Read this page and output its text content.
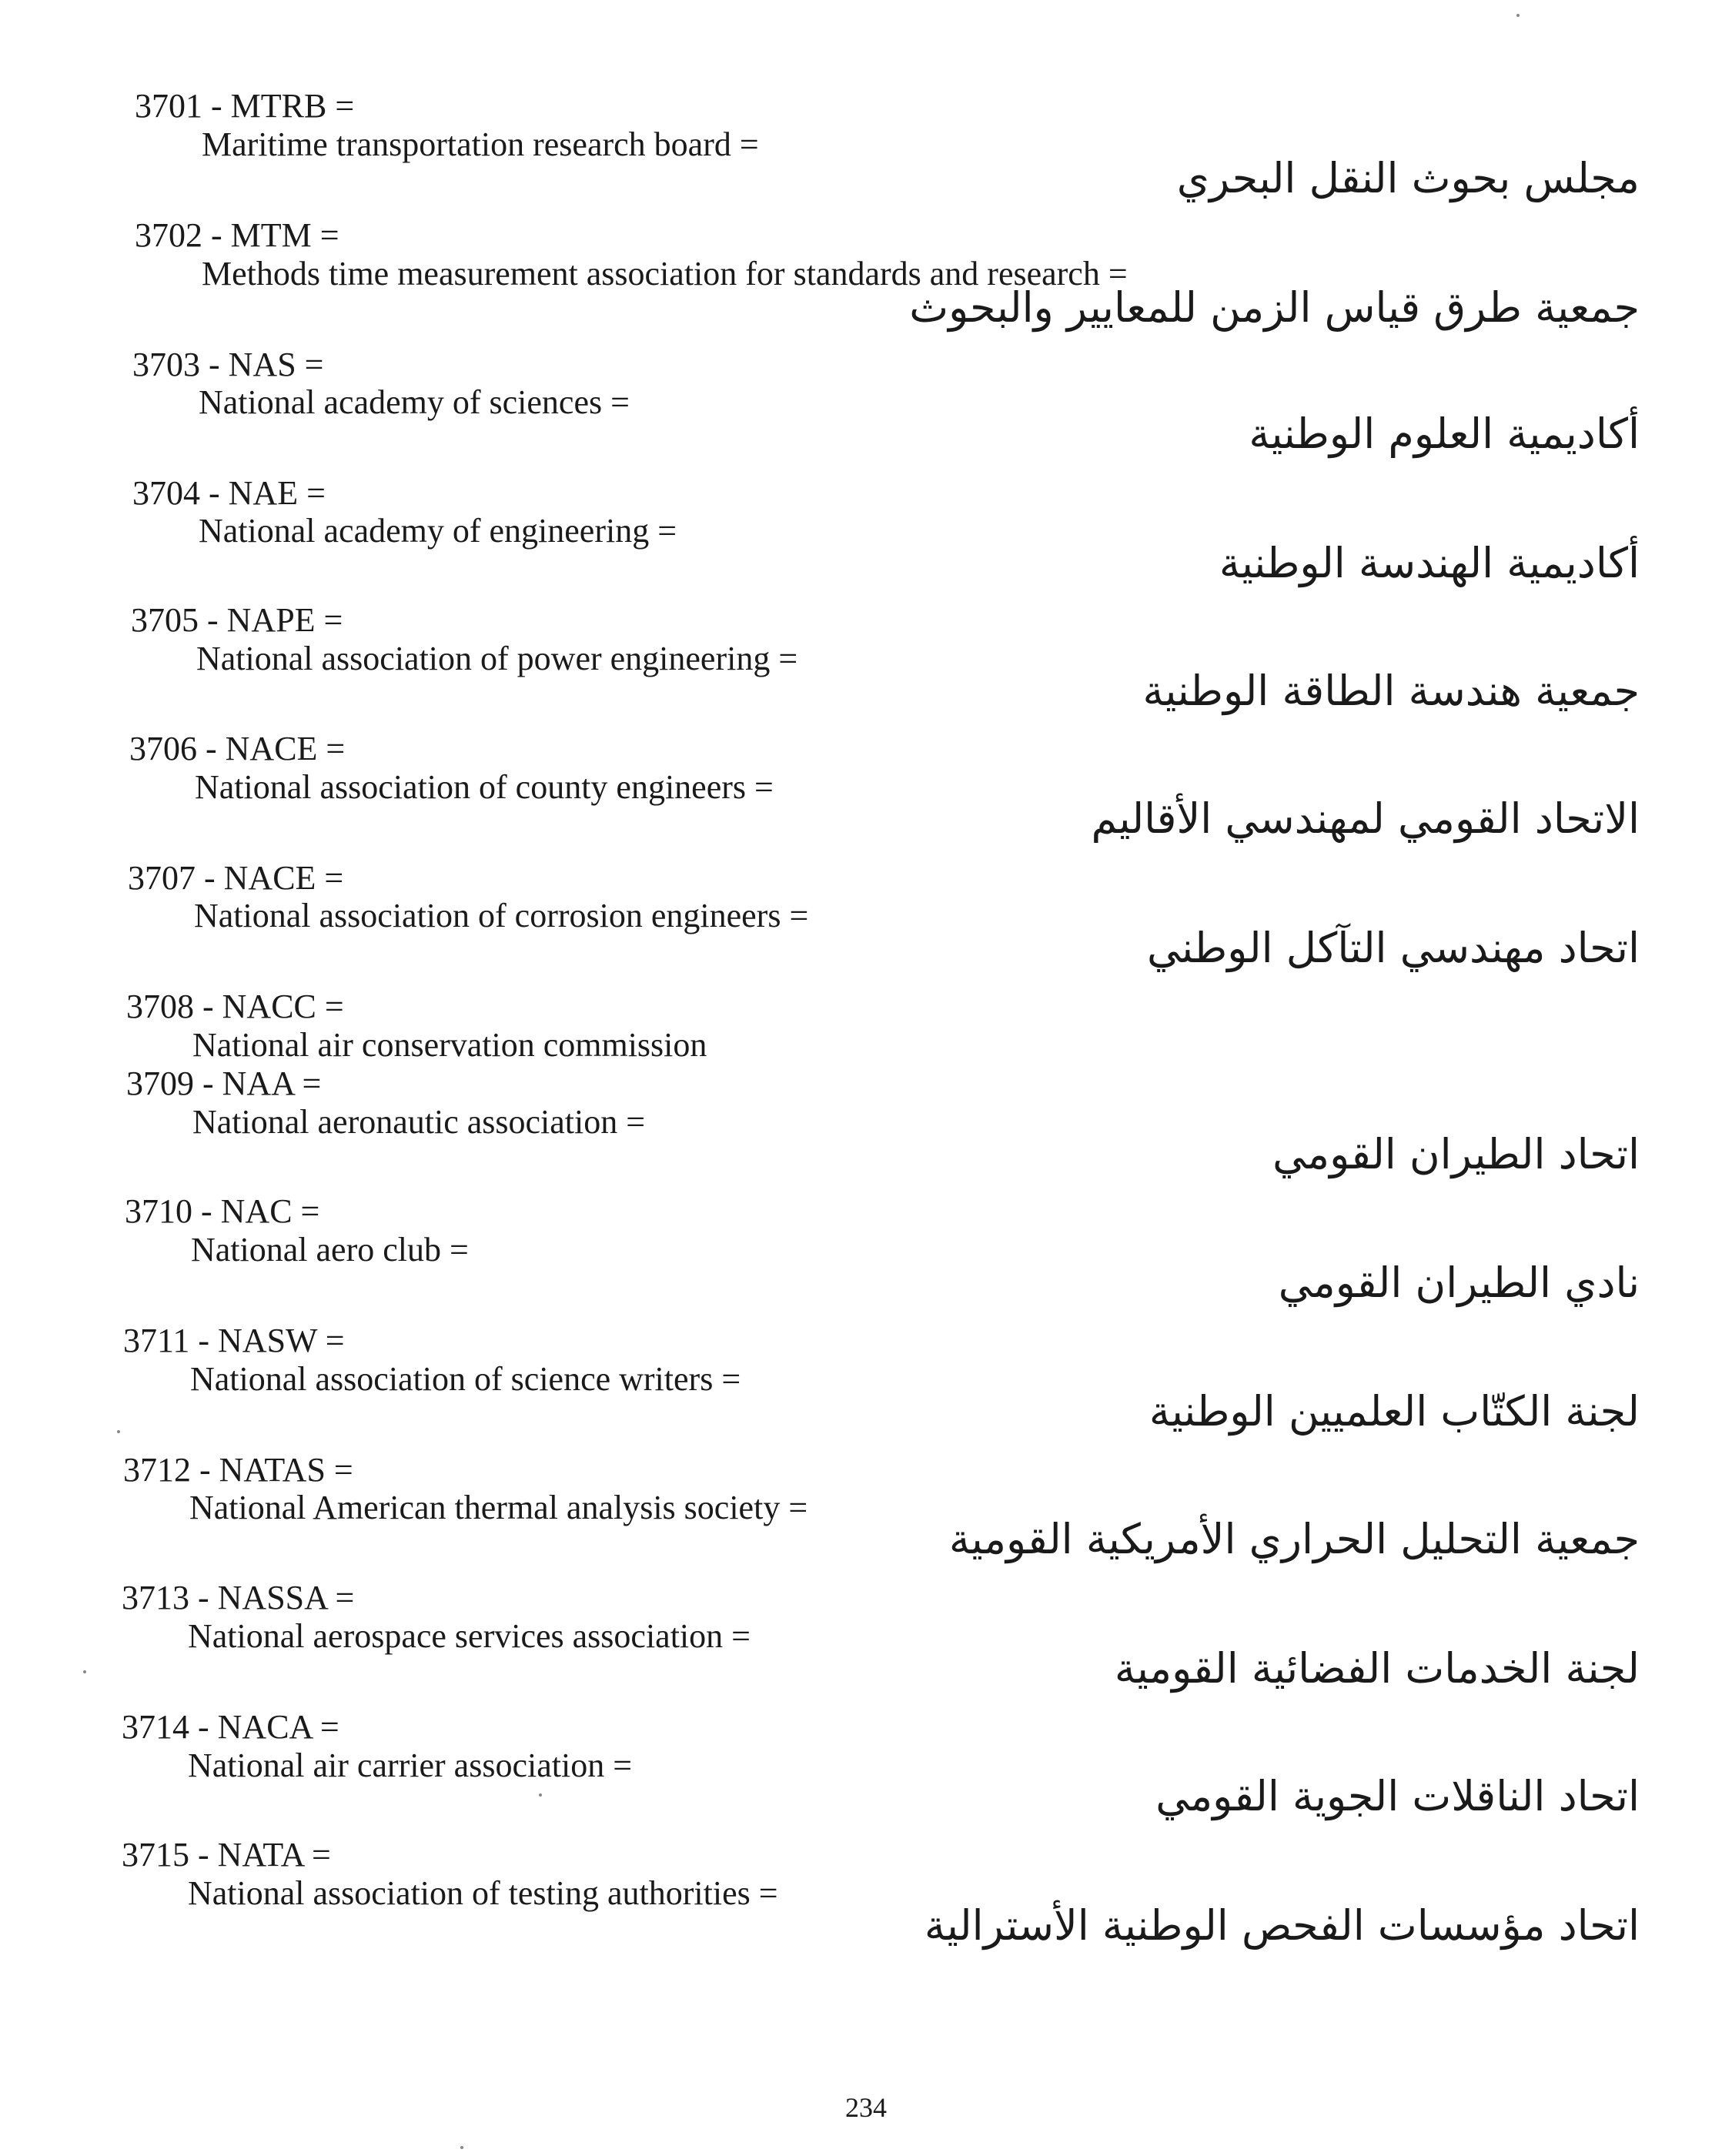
3701 - MTRB =
Maritime transportation research board =
مجلس بحوث النقل البحري
3702 - MTM =
Methods time measurement association for standards and research =
جمعية طرق قياس الزمن للمعايير والبحوث
3703 - NAS =
National academy of sciences =
أكاديمية العلوم الوطنية
3704 - NAE =
National academy of engineering =
أكاديمية الهندسة الوطنية
3705 - NAPE =
National association of power engineering =
جمعية هندسة الطاقة الوطنية
3706 - NACE =
National association of county engineers =
الاتحاد القومي لمهندسي الأقاليم
3707 - NACE =
National association of corrosion engineers =
اتحاد مهندسي التآكل الوطني
3708 - NACC =
National air conservation commission
3709 - NAA =
National aeronautic association =
اتحاد الطيران القومي
3710 - NAC =
National aero club =
نادي الطيران القومي
3711 - NASW =
National association of science writers =
لجنة الكتّاب العلميين الوطنية
3712 - NATAS =
National American thermal analysis society =
جمعية التحليل الحراري الأمريكية القومية
3713 - NASSA =
National aerospace services association =
لجنة الخدمات الفضائية القومية
3714 - NACA =
National air carrier association =
اتحاد الناقلات الجوية القومي
3715 - NATA =
National association of testing authorities =
اتحاد مؤسسات الفحص الوطنية الأسترالية
234
